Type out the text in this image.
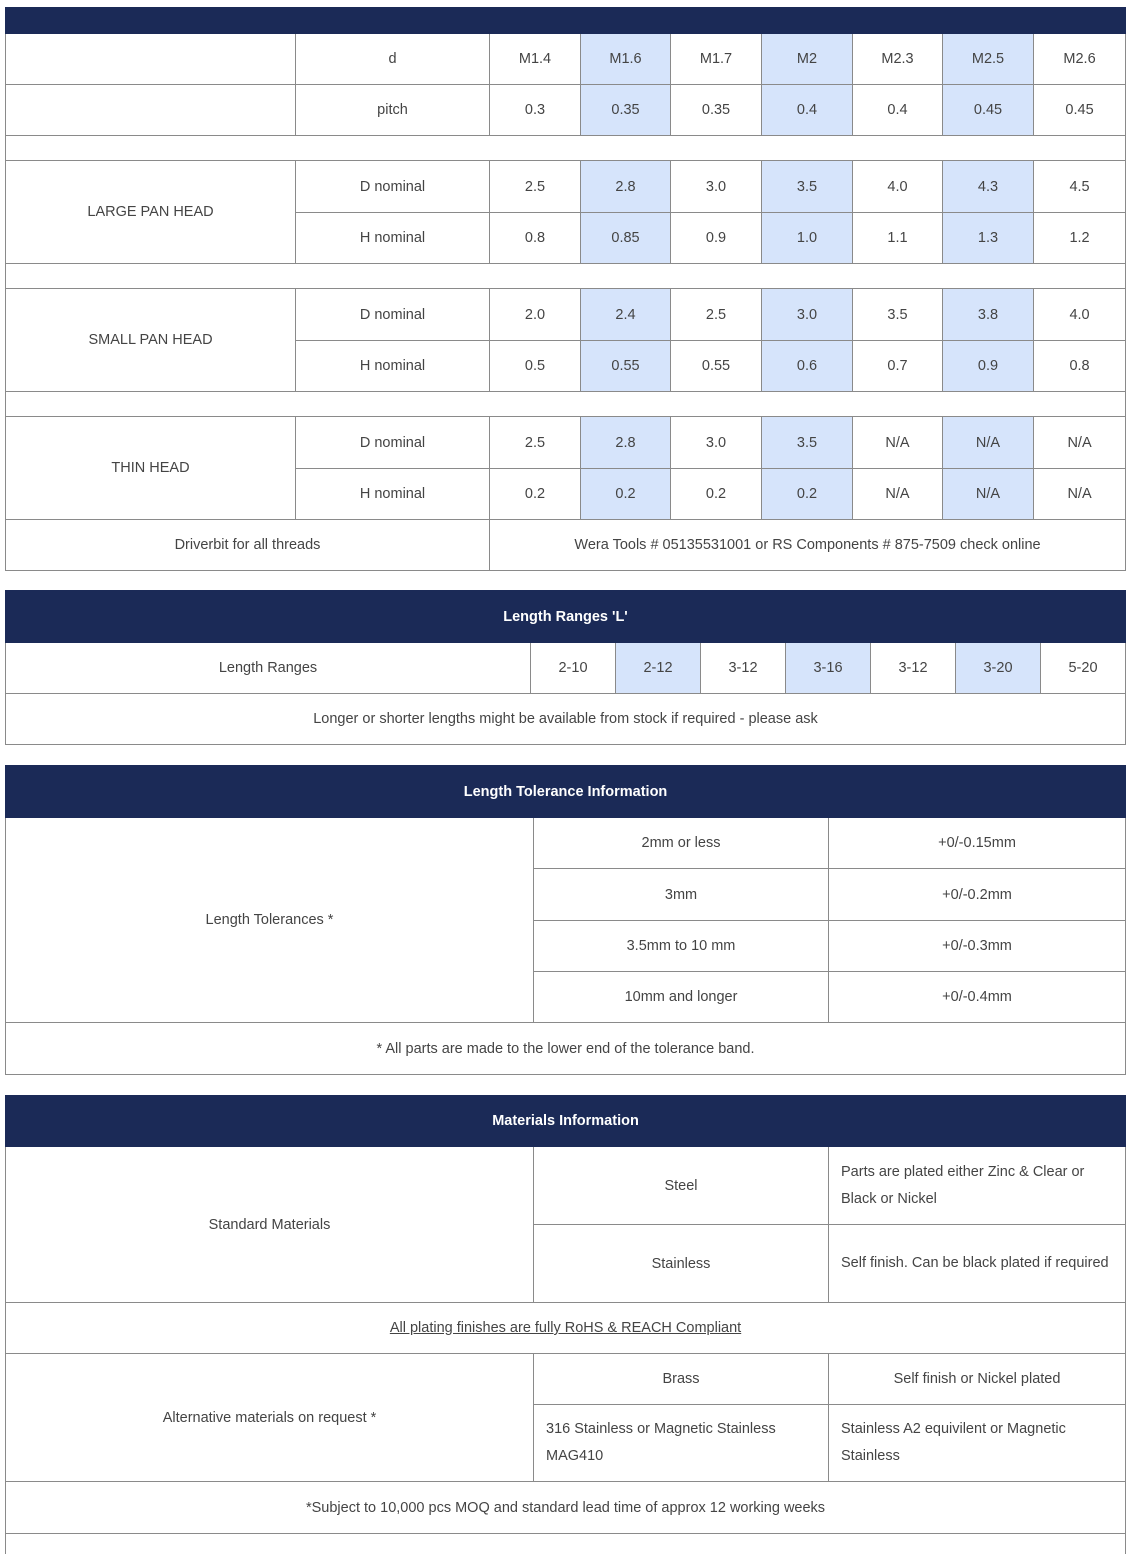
	d	M1.4	M1.6	M1.7	M2	M2.3	M2.5	M2.6
	pitch	0.3	0.35	0.35	0.4	0.4	0.45	0.45

LARGE PAN HEAD	D nominal	2.5	2.8	3.0	3.5	4.0	4.3	4.5
	H nominal	0.8	0.85	0.9	1.0	1.1	1.3	1.2

SMALL PAN HEAD	D nominal	2.0	2.4	2.5	3.0	3.5	3.8	4.0
	H nominal	0.5	0.55	0.55	0.6	0.7	0.9	0.8

THIN HEAD	D nominal	2.5	2.8	3.0	3.5	N/A	N/A	N/A
	H nominal	0.2	0.2	0.2	0.2	N/A	N/A	N/A
Driverbit for all threads		Wera Tools # 05135531001 or RS Components # 875-7509 check online						
Length Ranges 'L'
Length Ranges	2-10	2-12	3-12	3-16	3-12	3-20	5-20
Longer or shorter lengths might be available from stock if required - please ask
Length Tolerance Information		
Length Tolerances *	2mm or less	+0/-0.15mm
	3mm	+0/-0.2mm
	3.5mm to 10 mm	+0/-0.3mm
	10mm and longer	+0/-0.4mm
* All parts are made to the lower end of the tolerance band.		
Materials Information		
Standard Materials	Steel	Parts are plated either Zinc & Clear or Black or Nickel
	Stainless	Self finish. Can be black plated if required
All plating finishes are fully RoHS & REACH Compliant		
Alternative materials on request *	Brass	Self finish or Nickel plated
	316 Stainless or Magnetic Stainless MAG410	Stainless A2 equivilent or Magnetic Stainless
*Subject to 10,000 pcs MOQ and standard lead time of approx 12 working weeks		
